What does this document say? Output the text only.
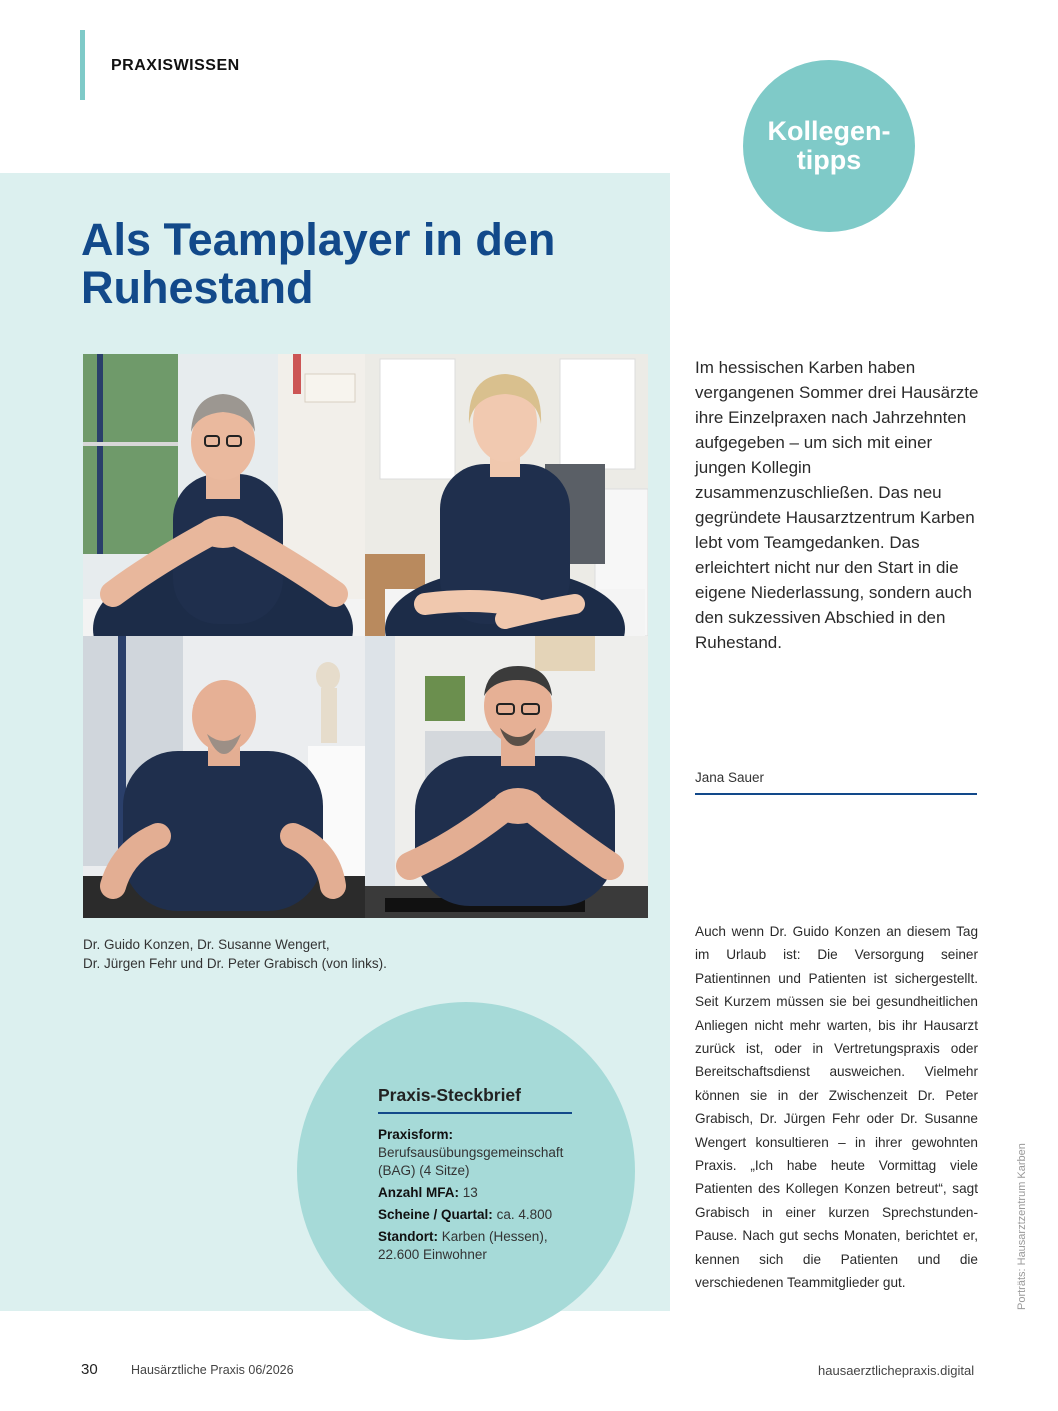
PRAXISWISSEN
Kollegen-
tipps
Als Teamplayer in den Ruhestand
Dr. Guido Konzen, Dr. Susanne Wengert,
Dr. Jürgen Fehr und Dr. Peter Grabisch (von links).
Praxis-Steckbrief
Praxisform: Berufsausübungsgemeinschaft (BAG) (4 Sitze)
Anzahl MFA: 13
Scheine / Quartal: ca. 4.800
Standort: Karben (Hessen), 22.600 Einwohner
Im hessischen Karben haben vergangenen Sommer drei Hausärzte ihre Einzelpraxen nach Jahrzehnten aufgegeben – um sich mit einer jungen Kollegin zusammenzuschließen. Das neu gegründete Hausarztzentrum Karben lebt vom Teamgedanken. Das erleichtert nicht nur den Start in die eigene Niederlassung, sondern auch den sukzessiven Abschied in den Ruhestand.
Jana Sauer
Auch wenn Dr. Guido Konzen an diesem Tag im Urlaub ist: Die Versorgung seiner Patientinnen und Patienten ist sichergestellt. Seit Kurzem müssen sie bei gesundheitlichen Anliegen nicht mehr warten, bis ihr Hausarzt zurück ist, oder in Vertretungspraxis oder Bereitschaftsdienst ausweichen. Vielmehr können sie in der Zwischenzeit Dr. Peter Grabisch, Dr. Jürgen Fehr oder Dr. Susanne Wengert konsultieren – in ihrer gewohnten Praxis. „Ich habe heute Vormittag viele Patienten des Kollegen Konzen betreut“, sagt Grabisch in einer kurzen Sprechstunden-Pause. Nach gut sechs Monaten, berichtet er, kennen sich die Patienten und die verschiedenen Teammitglieder gut.	Porträts: Hausarztzentrum Karben
30	Hausärztliche Praxis 06/2026	hausaerztlichepraxis.digital
